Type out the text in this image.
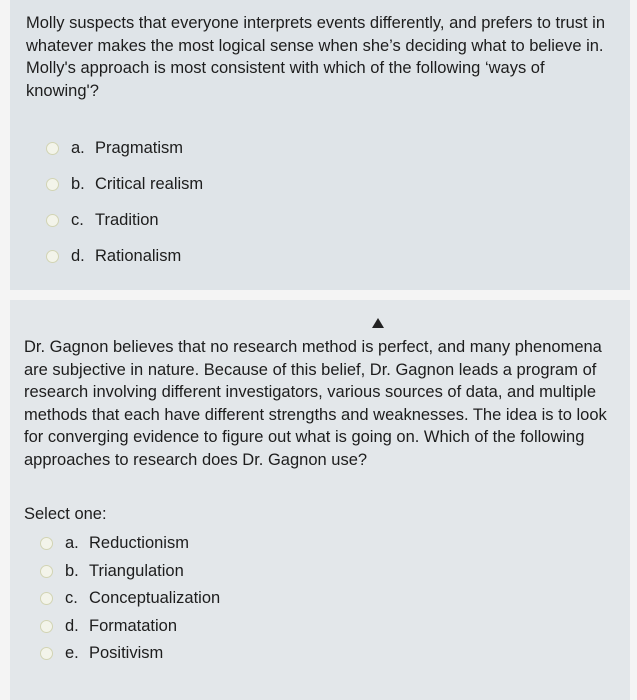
Molly suspects that everyone interprets events differently, and prefers to trust in whatever makes the most logical sense when she’s deciding what to believe in. Molly's approach is most consistent with which of the following ‘ways of knowing'?

a. Pragmatism
b. Critical realism
c. Tradition
d. Rationalism

Dr. Gagnon believes that no research method is perfect, and many phenomena are subjective in nature. Because of this belief, Dr. Gagnon leads a program of research involving different investigators, various sources of data, and multiple methods that each have different strengths and weaknesses. The idea is to look for converging evidence to figure out what is going on. Which of the following approaches to research does Dr. Gagnon use?

Select one:
a. Reductionism
b. Triangulation
c. Conceptualization
d. Formatation
e. Positivism
